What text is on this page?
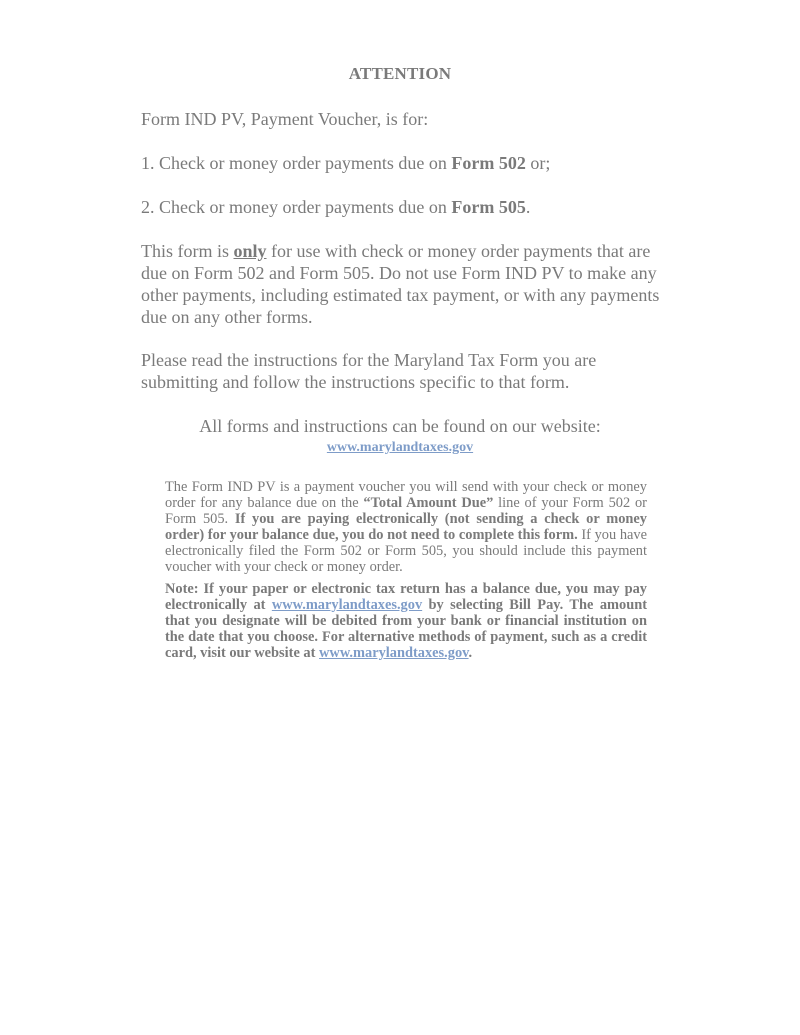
ATTENTION
Form IND PV, Payment Voucher, is for:
1. Check or money order payments due on Form 502 or;
2. Check or money order payments due on Form 505.
This form is only for use with check or money order payments that are due on Form 502 and Form 505. Do not use Form IND PV to make any other payments, including estimated tax payment, or with any payments due on any other forms.
Please read the instructions for the Maryland Tax Form you are submitting and follow the instructions specific to that form.
All forms and instructions can be found on our website:
www.marylandtaxes.gov
The Form IND PV is a payment voucher you will send with your check or money order for any balance due on the “Total Amount Due” line of your Form 502 or Form 505. If you are paying electronically (not sending a check or money order) for your balance due, you do not need to complete this form. If you have electronically filed the Form 502 or Form 505, you should include this payment voucher with your check or money order.
Note: If your paper or electronic tax return has a balance due, you may pay electronically at www.marylandtaxes.gov by selecting Bill Pay. The amount that you designate will be debited from your bank or financial institution on the date that you choose. For alternative methods of payment, such as a credit card, visit our website at www.marylandtaxes.gov.
